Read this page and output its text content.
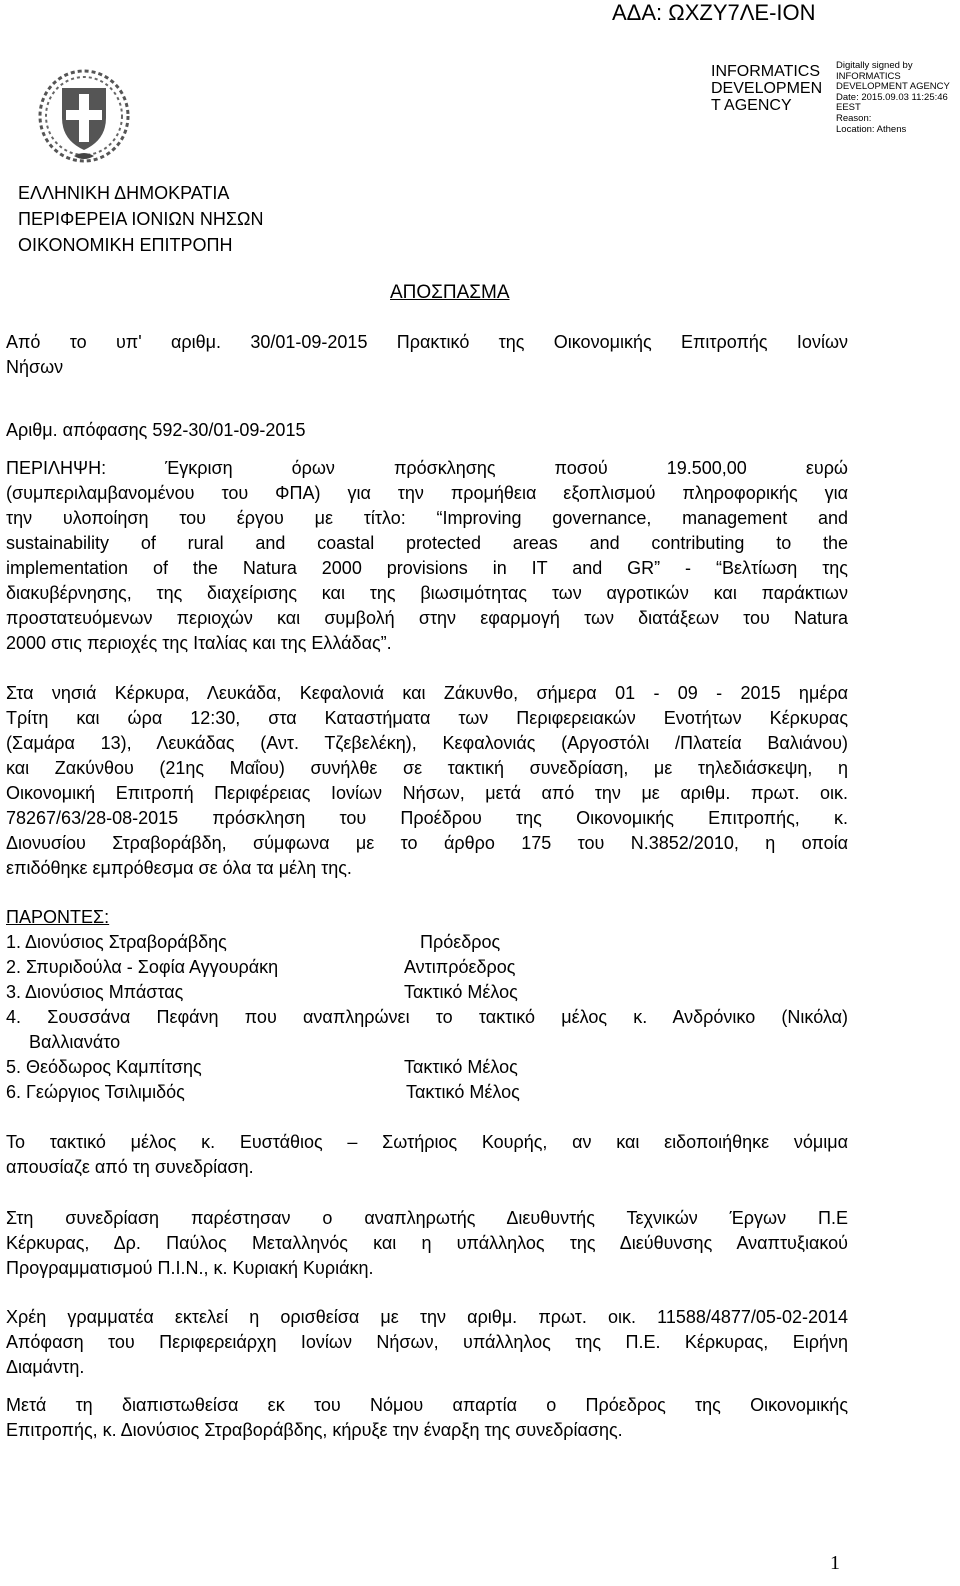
ΑΔΑ: ΩΧΖΥ7ΛΕ-ΙΟΝ
INFORMATICS
DEVELOPMEN
T AGENCY
Digitally signed by
INFORMATICS
DEVELOPMENT AGENCY
Date: 2015.09.03 11:25:46
EEST
Reason:
Location: Athens
ΕΛΛΗΝΙΚΗ ΔΗΜΟΚΡΑΤΙΑ
ΠΕΡΙΦΕΡΕΙΑ ΙΟΝΙΩΝ ΝΗΣΩΝ
ΟΙΚΟΝΟΜΙΚΗ ΕΠΙΤΡΟΠΗ
ΑΠΟΣΠΑΣΜΑ
Από το υπ' αριθμ. 30/01-09-2015 Πρακτικό της Οικονομικής Επιτροπής Ιονίων
Νήσων
Αριθμ. απόφασης 592-30/01-09-2015
ΠΕΡΙΛΗΨΗ: Έγκριση όρων πρόσκλησης ποσού 19.500,00 ευρώ
(συμπεριλαμβανομένου του ΦΠΑ) για την προμήθεια εξοπλισμού πληροφορικής για
την υλοποίηση του έργου με τίτλο: “Improving governance, management and
sustainability of rural and coastal protected areas and contributing to the
implementation of the Natura 2000 provisions in IT and GR” - “Βελτίωση της
διακυβέρνησης, της διαχείρισης και της βιωσιμότητας των αγροτικών και παράκτιων
προστατευόμενων περιοχών και συμβολή στην εφαρμογή των διατάξεων του Natura
2000 στις περιοχές της Ιταλίας και της Ελλάδας”.
Στα νησιά Κέρκυρα, Λευκάδα, Κεφαλονιά και Ζάκυνθο, σήμερα 01 - 09 - 2015 ημέρα
Τρίτη και ώρα 12:30, στα Καταστήματα των Περιφερειακών Ενοτήτων Κέρκυρας
(Σαμάρα 13), Λευκάδας (Αντ. Τζεβελέκη), Κεφαλονιάς (Αργοστόλι /Πλατεία Βαλιάνου)
και Ζακύνθου (21ης Μαΐου) συνήλθε σε τακτική συνεδρίαση, με τηλεδιάσκεψη, η
Οικονομική Επιτροπή Περιφέρειας Ιονίων Νήσων, μετά από την με αριθμ. πρωτ. οικ.
78267/63/28-08-2015 πρόσκληση του Προέδρου της Οικονομικής Επιτροπής, κ.
Διονυσίου Στραβοράβδη, σύμφωνα με το άρθρο 175 του Ν.3852/2010, η οποία
επιδόθηκε εμπρόθεσμα σε όλα τα μέλη της.
ΠΑΡΟΝΤΕΣ:
1. Διονύσιος Στραβοράβδης	Πρόεδρος
2. Σπυριδούλα - Σοφία Αγγουράκη	Αντιπρόεδρος
3. Διονύσιος Μπάστας	Τακτικό Μέλος
4. Σουσσάνα Πεφάνη που αναπληρώνει το τακτικό μέλος κ. Ανδρόνικο (Νικόλα)
Βαλλιανάτο
5. Θεόδωρος Καμπίτσης	Τακτικό Μέλος
6. Γεώργιος Τσιλιμιδός	Τακτικό Μέλος
Το τακτικό μέλος κ. Ευστάθιος – Σωτήριος Κουρής, αν και ειδοποιήθηκε νόμιμα
απουσίαζε από τη συνεδρίαση.
Στη συνεδρίαση παρέστησαν ο αναπληρωτής Διευθυντής Τεχνικών Έργων Π.Ε
Κέρκυρας, Δρ. Παύλος Μεταλληνός και η υπάλληλος της Διεύθυνσης Αναπτυξιακού
Προγραμματισμού Π.Ι.Ν., κ. Κυριακή Κυριάκη.
Χρέη γραμματέα εκτελεί η ορισθείσα με την αριθμ. πρωτ. οικ. 11588/4877/05-02-2014
Απόφαση του Περιφερειάρχη Ιονίων Νήσων, υπάλληλος της Π.Ε. Κέρκυρας, Ειρήνη
Διαμάντη.
Μετά τη διαπιστωθείσα εκ του Νόμου απαρτία ο Πρόεδρος της Οικονομικής
Επιτροπής, κ. Διονύσιος Στραβοράβδης, κήρυξε την έναρξη της συνεδρίασης.
1
